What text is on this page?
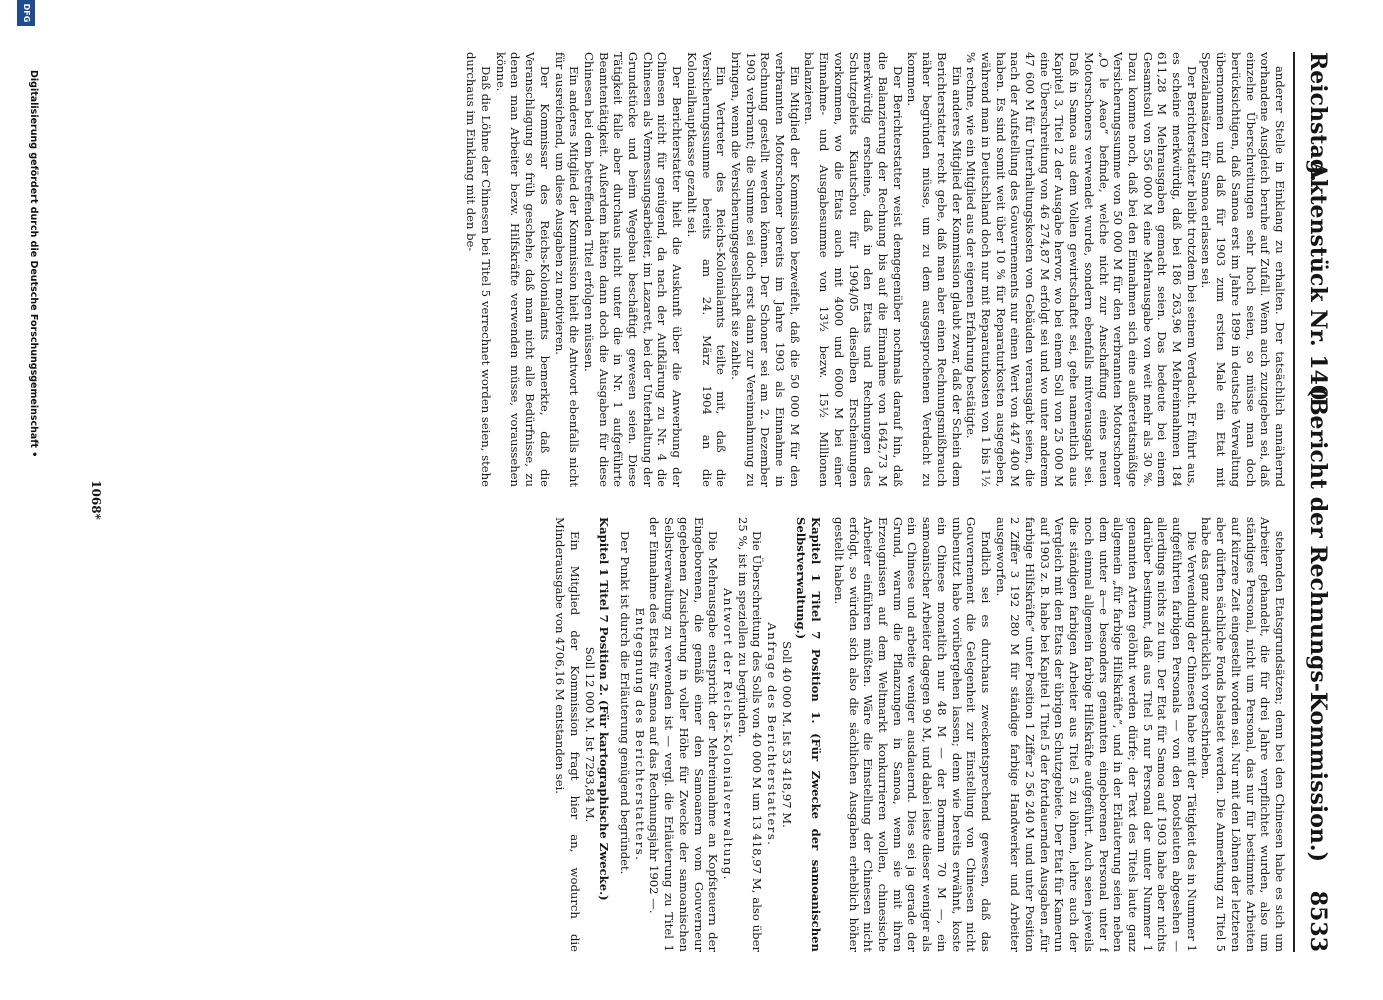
Reichstag.
Aktenstück Nr. 1403.
(Bericht der Rechnungs-Kommission.)
8533

anderer Stelle in Einklang zu erhalten. Der tatsächlich annähernd vorhandene Ausgleich beruhe auf Zufall. Wenn auch zuzugeben sei, daß einzelne Überschreitungen sehr hoch seien, so müsse man doch berücksichtigen, daß Samoa erst im Jahre 1899 in deutsche Verwaltung übernommen und daß für 1903 zum ersten Male ein Etat mit Spezialansätzen für Samoa erlassen sei.

Der Berichterstatter bleibt trotzdem bei seinem Verdacht. Er führt aus, es scheine merkwürdig, daß bei 186 263,96 M Mehreinnahmen 184 611,28 M Mehrausgaben gemacht seien. Das bedeute bei einem Gesamtsoll von 556 000 M eine Mehrausgabe von weit mehr als 30 %. Dazu komme noch, daß bei den Einnahmen sich eine außeretatsmäßige Versicherungssumme von 50 000 M für den verbrannten Motorschoner „O le Aeao“ befinde, welche nicht zur Anschaffung eines neuen Motorschoners verwendet wurde, sondern ebenfalls mitverausgabt sei. Daß in Samoa aus dem Vollen gewirtschaftet sei, gehe namentlich aus Kapitel 3, Titel 2 der Ausgabe hervor, wo bei einem Soll von 25 000 M eine Überschreitung von 46 274,87 M erfolgt sei und wo unter anderem 47 600 M für Unterhaltungskosten von Gebäuden verausgabt seien, die nach der Aufstellung des Gouvernements nur einen Wert von 447 400 M haben. Es sind somit weit über 10 % für Reparaturkosten ausgegeben, während man in Deutschland doch nur mit Reparaturkosten von 1 bis 1½ % rechne, wie ein Mitglied aus der eigenen Erfahrung bestätigte.

Ein anderes Mitglied der Kommission glaubt zwar, daß der Schein dem Berichterstatter recht gebe, daß man aber einen Rechnungsmißbrauch näher begründen müsse, um zu dem ausgesprochenen Verdacht zu kommen.

Der Berichterstatter weist demgegenüber nochmals darauf hin, daß die Balanzierung der Rechnung bis auf die Einnahme von 1642,73 M merkwürdig erscheine, daß in den Etats und Rechnungen des Schutzgebiets Kiautschou für 1904/05 dieselben Erscheinungen vorkommen, wo die Etats auch mit 4000 und 6000 M bei einer Einnahme- und Ausgabesumme von 13½ bezw. 15½ Millionen balanzieren.

Ein Mitglied der Kommission bezweifelt, daß die 50 000 M für den verbrannten Motorschoner bereits im Jahre 1903 als Einnahme in Rechnung gestellt werden können. Der Schoner sei am 2. Dezember 1903 verbrannt; die Summe sei doch erst dann zur Vereinnahmung zu bringen, wenn die Versicherungsgesellschaft sie zahlte.

Ein Vertreter des Reichs-Kolonialamts teilte mit, daß die Versicherungssumme bereits am 24. März 1904 an die Kolonialhauptkasse gezahlt sei.

Der Berichterstatter hielt die Auskunft über die Anwerbung der Chinesen nicht für genügend, da nach der Aufklärung zu Nr. 4 die Chinesen als Vermessungsarbeiter, im Lazarett, bei der Unterhaltung der Grundstücke und beim Wegebau beschäftigt gewesen seien. Diese Tätigkeit falle aber durchaus nicht unter die in Nr. 1 aufgeführte Beamtentätigkeit. Außerdem hätten dann doch die Ausgaben für diese Chinesen bei dem betreffenden Titel erfolgen müssen.

Ein anderes Mitglied der Kommission hielt die Antwort ebenfalls nicht für ausreichend, um diese Ausgaben zu motivieren.

Der Kommissar des Reichs-Kolonialamts bemerkte, daß die Veranschlagung so früh geschehe, daß man nicht alle Bedürfnisse, zu denen man Arbeiter bezw. Hilfskräfte verwenden müsse, voraussehen könne.

Daß die Löhne der Chinesen bei Titel 5 verrechnet worden seien, stehe durchaus im Einklang mit den be-

stehenden Etatsgrundsätzen; denn bei den Chinesen habe es sich um Arbeiter gehandelt, die für drei Jahre verpflichtet wurden, also um ständiges Personal, nicht um Personal, das nur für bestimmte Arbeiten auf kürzere Zeit eingestellt worden sei. Nur mit den Löhnen der letzteren aber dürften sächliche Fonds belastet werden. Die Anmerkung zu Titel 5 habe das ganz ausdrücklich vorgeschrieben.

Die Verwendung der Chinesen habe mit der Tätigkeit des in Nummer 1 aufgeführten farbigen Personals — von den Bootsleuten abgesehen — allerdings nichts zu tun. Der Etat für Samoa auf 1903 habe aber nichts darüber bestimmt, daß aus Titel 5 nur Personal der unter Nummer 1 genannten Arten gelöhnt werden dürfe; der Text des Titels laute ganz allgemein „für farbige Hilfskräfte“, und in der Erläuterung seien neben dem unter a—e besonders genannten eingeborenen Personal unter f noch einmal allgemein farbige Hilfskräfte aufgeführt. Auch seien jeweils die ständigen farbigen Arbeiter aus Titel 5 zu löhnen, lehre auch der Vergleich mit den Etats der übrigen Schutzgebiete. Der Etat für Kamerun auf 1903 z. B. habe bei Kapitel 1 Titel 5 der fortdauernden Ausgaben „für farbige Hilfskräfte“ unter Position 1 Ziffer 2 56 240 M und unter Position 2 Ziffer 3 192 280 M für ständige farbige Handwerker und Arbeiter ausgeworfen.

Endlich sei es durchaus zweckentsprechend gewesen, daß das Gouvernement die Gelegenheit zur Einstellung von Chinesen nicht unbenutzt habe vorübergehen lassen; denn wie bereits erwähnt, koste ein Chinese monatlich nur 48 M — der Bormann 70 M —, ein samoanischer Arbeiter dagegen 90 M, und dabei leiste dieser weniger als ein Chinese und arbeite weniger ausdauernd. Dies sei ja gerade der Grund, warum die Pflanzungen in Samoa, wenn sie mit ihren Erzeugnissen auf dem Weltmarkt konkurrieren wollen, chinesische Arbeiter einführen müßten. Wäre die Einstellung der Chinesen nicht erfolgt, so würden sich also die sächlichen Ausgaben erheblich höher gestellt haben.

Kapitel 1 Titel 7 Position 1. (Für Zwecke der samoanischen Selbstverwaltung.)

Soll 40 000 M. Ist 53 418,97 M.

Anfrage des Berichterstatters.

Die Überschreitung des Solls von 40 000 M um 13 418,97 M, also über 25 %, ist im speziellen zu begründen.

Antwort der Reichs-Kolonialverwaltung.

Die Mehrausgabe entspricht der Mehreinnahme an Kopfsteuern der Eingeborenen, die gemäß einer den Samoanern vom Gouverneur gegebenen Zusicherung in voller Höhe für Zwecke der samoanischen Selbstverwaltung zu verwenden ist — vergl. die Erläuterung zu Titel 1 der Einnahme des Etats für Samoa auf das Rechnungsjahr 1902 —.

Entgegnung des Berichterstatters.

Der Punkt ist durch die Erläuterung genügend begründet.

Kapitel 1 Titel 7 Position 2. (Für kartographische Zwecke.)

Soll 12 000 M. Ist 7293,84 M.

Ein Mitglied der Kommission fragt hier an, wodurch die Minderausgabe von 4706,16 M entstanden sei.

1068*
Digitalisierung gefördert durch die Deutsche Forschungsgemeinschaft •
DFG
